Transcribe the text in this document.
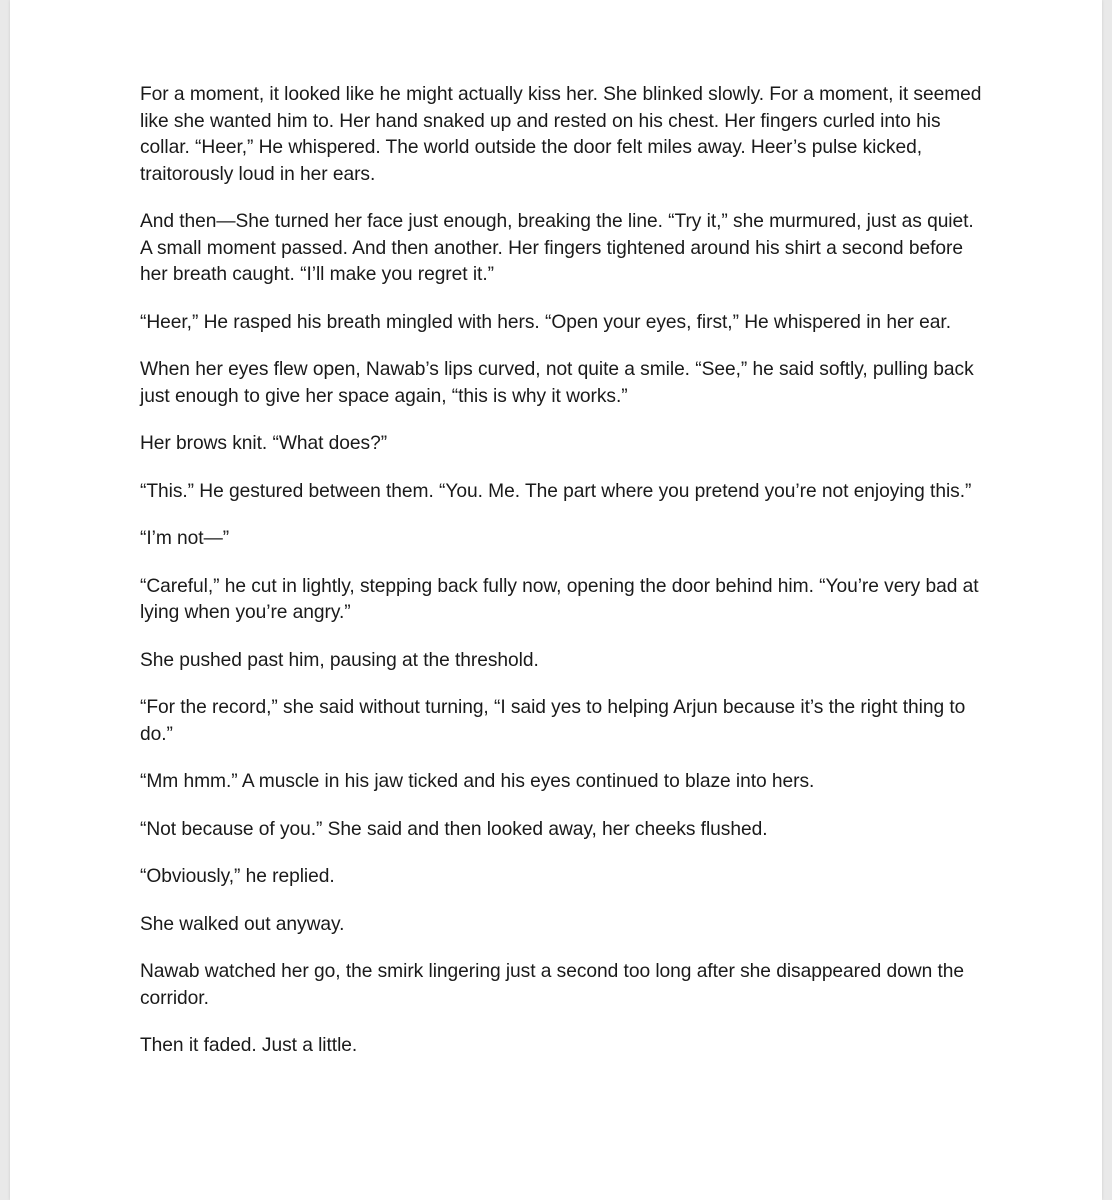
For a moment, it looked like he might actually kiss her. She blinked slowly. For a moment, it seemed like she wanted him to. Her hand snaked up and rested on his chest. Her fingers curled into his collar. “Heer,” He whispered. The world outside the door felt miles away. Heer’s pulse kicked, traitorously loud in her ears.

And then—She turned her face just enough, breaking the line. “Try it,” she murmured, just as quiet. A small moment passed. And then another. Her fingers tightened around his shirt a second before her breath caught. “I’ll make you regret it.”

“Heer,” He rasped his breath mingled with hers. “Open your eyes, first,” He whispered in her ear.

When her eyes flew open, Nawab’s lips curved, not quite a smile. “See,” he said softly, pulling back just enough to give her space again, “this is why it works.”

Her brows knit. “What does?”

“This.” He gestured between them. “You. Me. The part where you pretend you’re not enjoying this.”

“I’m not—”

“Careful,” he cut in lightly, stepping back fully now, opening the door behind him. “You’re very bad at lying when you’re angry.”

She pushed past him, pausing at the threshold.

“For the record,” she said without turning, “I said yes to helping Arjun because it’s the right thing to do.”

“Mm hmm.” A muscle in his jaw ticked and his eyes continued to blaze into hers.

“Not because of you.” She said and then looked away, her cheeks flushed.

“Obviously,” he replied.

She walked out anyway.

Nawab watched her go, the smirk lingering just a second too long after she disappeared down the corridor.

Then it faded. Just a little.
